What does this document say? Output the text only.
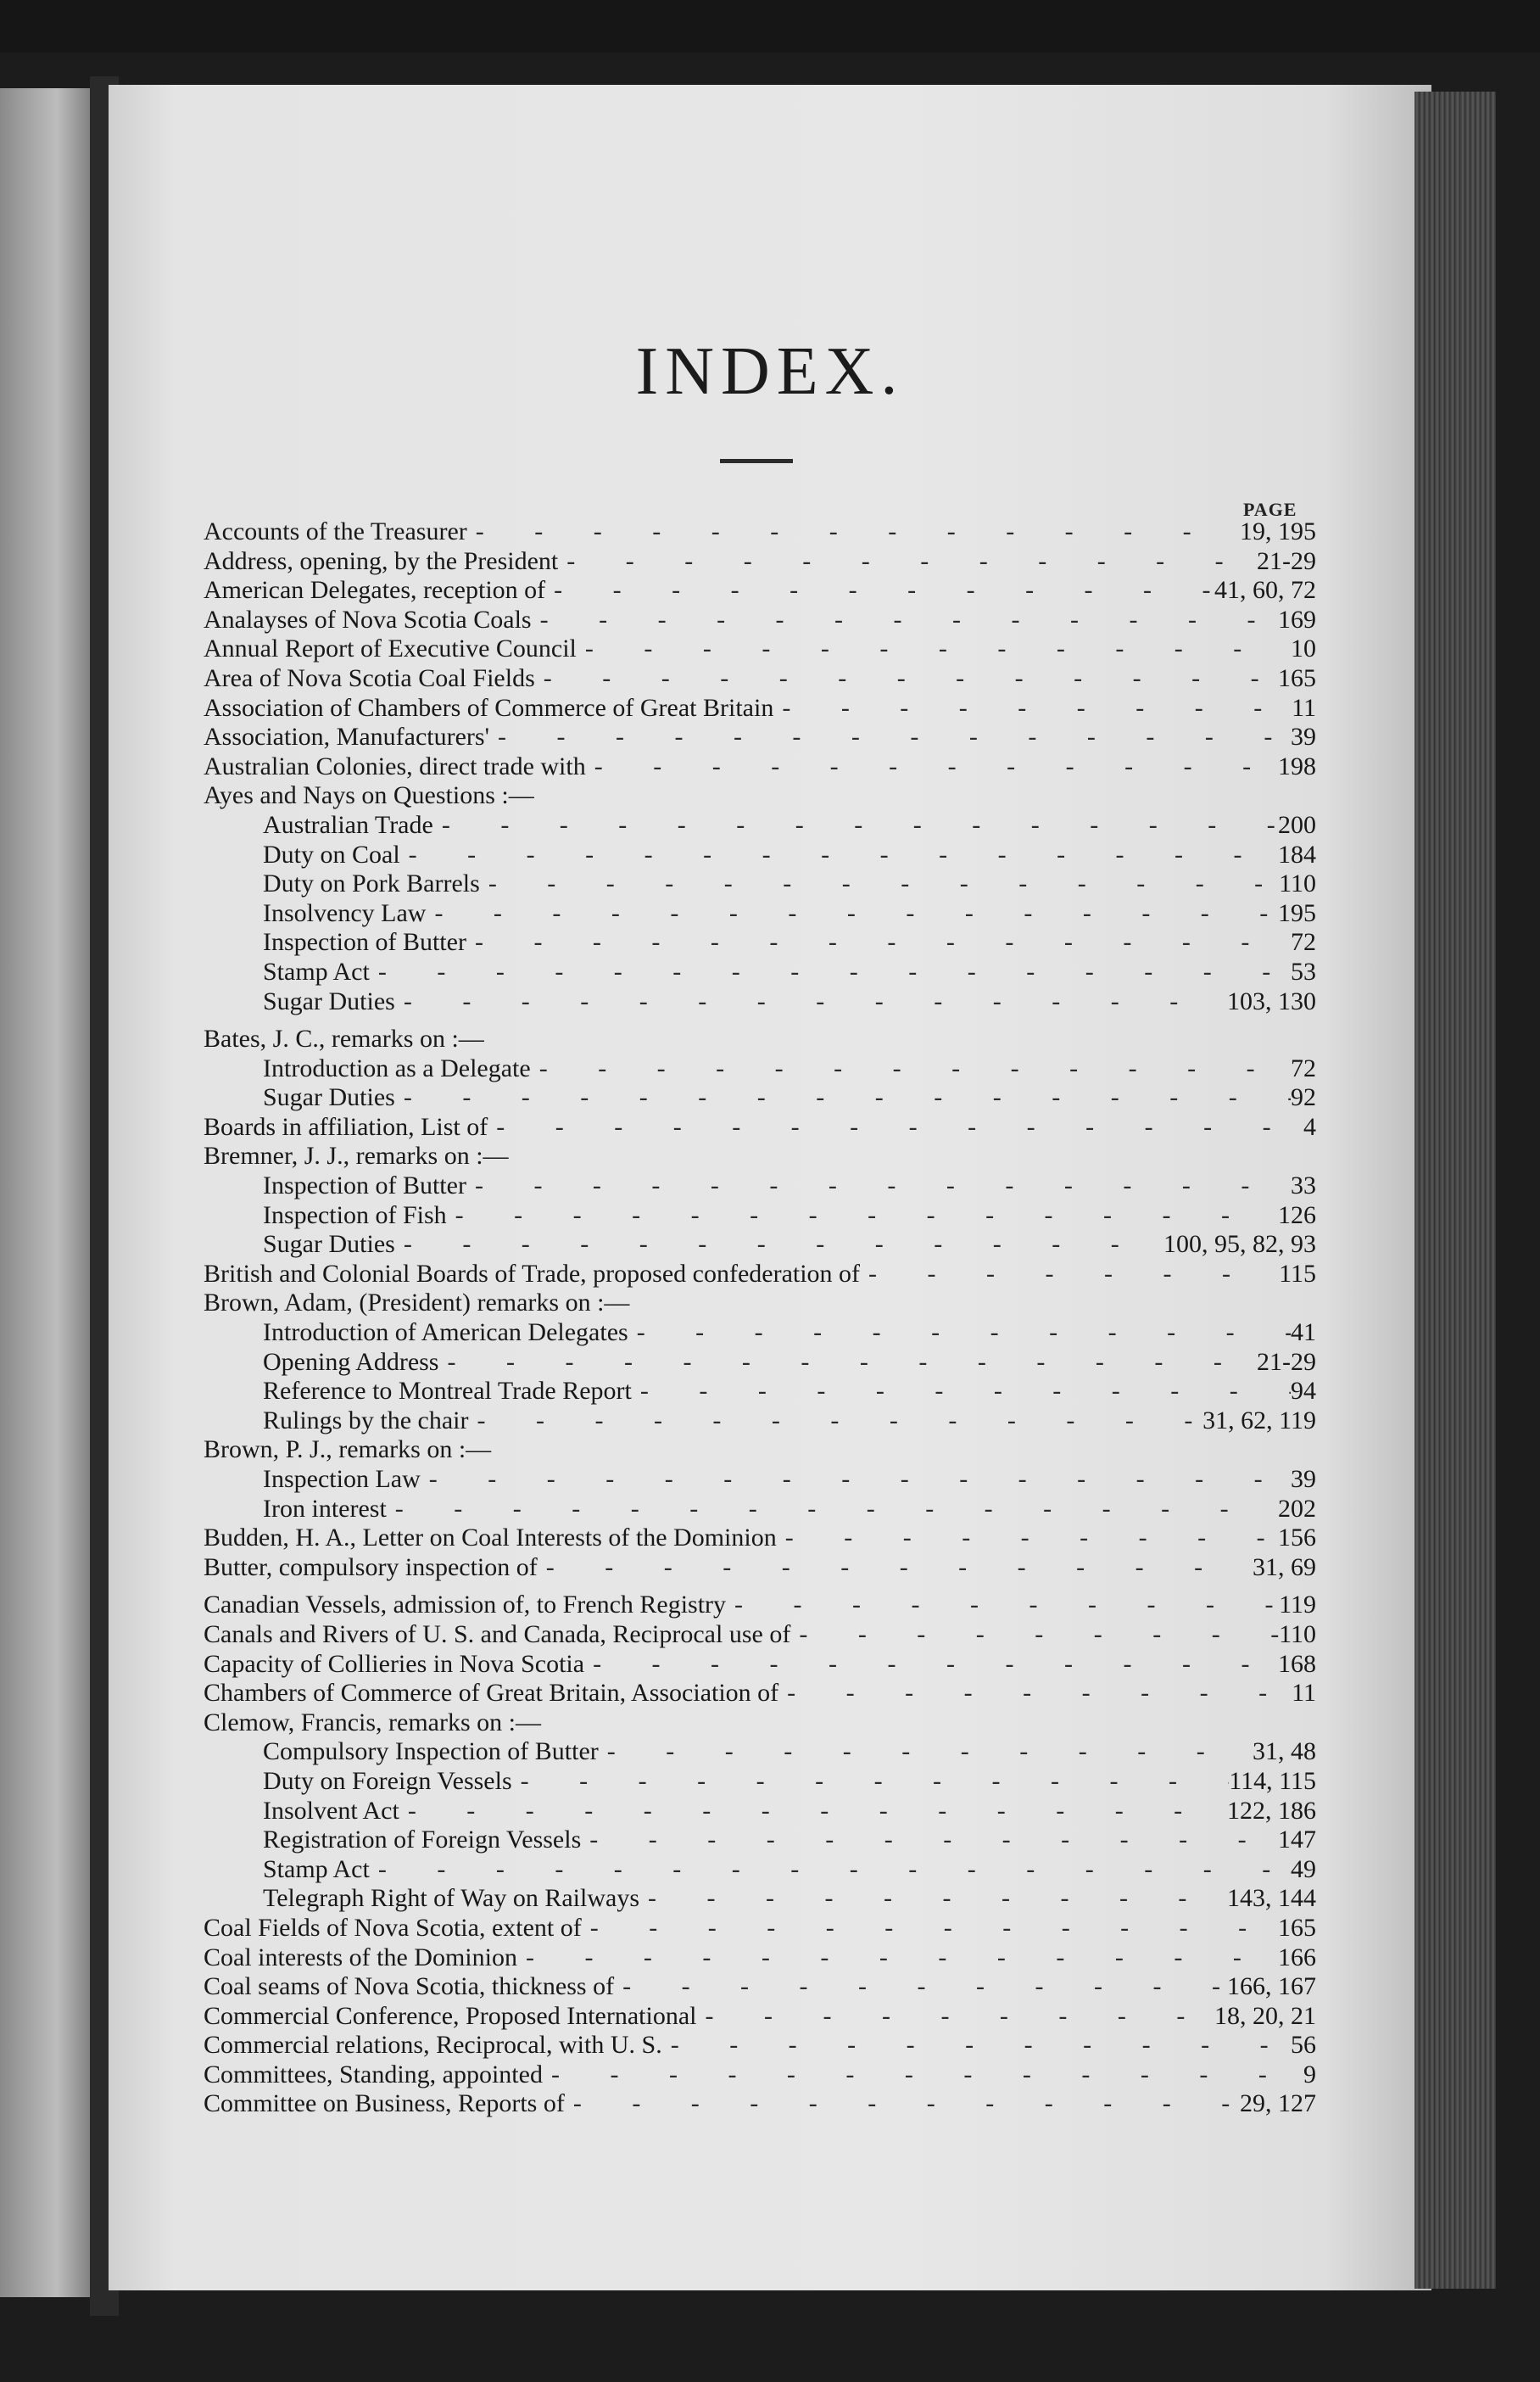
INDEX.
PAGE
Accounts of the Treasurer - - -	19, 195
Address, opening, by the President - - -	21-29
American Delegates, reception of - - -	41, 60, 72
Analayses of Nova Scotia Coals - - -	169
Annual Report of Executive Council - - -	10
Area of Nova Scotia Coal Fields - - -	165
Association of Chambers of Commerce of Great Britain - - -	11
Association, Manufacturers' - - -	39
Australian Colonies, direct trade with - - -	198
Ayes and Nays on Questions :—
Australian Trade - - -	200
Duty on Coal - - -	184
Duty on Pork Barrels - - -	110
Insolvency Law - - -	195
Inspection of Butter - - -	72
Stamp Act - - -	53
Sugar Duties - - -	103, 130
Bates, J. C., remarks on :—
Introduction as a Delegate - - -	72
Sugar Duties - - -	92
Boards in affiliation, List of - - -	4
Bremner, J. J., remarks on :—
Inspection of Butter - - -	33
Inspection of Fish - - -	126
Sugar Duties - - -	100, 95, 82, 93
British and Colonial Boards of Trade, proposed confederation of - - -	115
Brown, Adam, (President) remarks on :—
Introduction of American Delegates - - -	41
Opening Address - - -	21-29
Reference to Montreal Trade Report - - -	94
Rulings by the chair - - -	31, 62, 119
Brown, P. J., remarks on :—
Inspection Law - - -	39
Iron interest - - -	202
Budden, H. A., Letter on Coal Interests of the Dominion - - -	156
Butter, compulsory inspection of - - -	31, 69
Canadian Vessels, admission of, to French Registry - - -	119
Canals and Rivers of U. S. and Canada, Reciprocal use of - - -	110
Capacity of Collieries in Nova Scotia - - -	168
Chambers of Commerce of Great Britain, Association of - - -	11
Clemow, Francis, remarks on :—
Compulsory Inspection of Butter - - -	31, 48
Duty on Foreign Vessels - - -	114, 115
Insolvent Act - - -	122, 186
Registration of Foreign Vessels - - -	147
Stamp Act - - -	49
Telegraph Right of Way on Railways - - -	143, 144
Coal Fields of Nova Scotia, extent of - - -	165
Coal interests of the Dominion - - -	166
Coal seams of Nova Scotia, thickness of - - -	166, 167
Commercial Conference, Proposed International - - -	18, 20, 21
Commercial relations, Reciprocal, with U. S. - - -	56
Committees, Standing, appointed - - -	9
Committee on Business, Reports of - - -	29, 127
